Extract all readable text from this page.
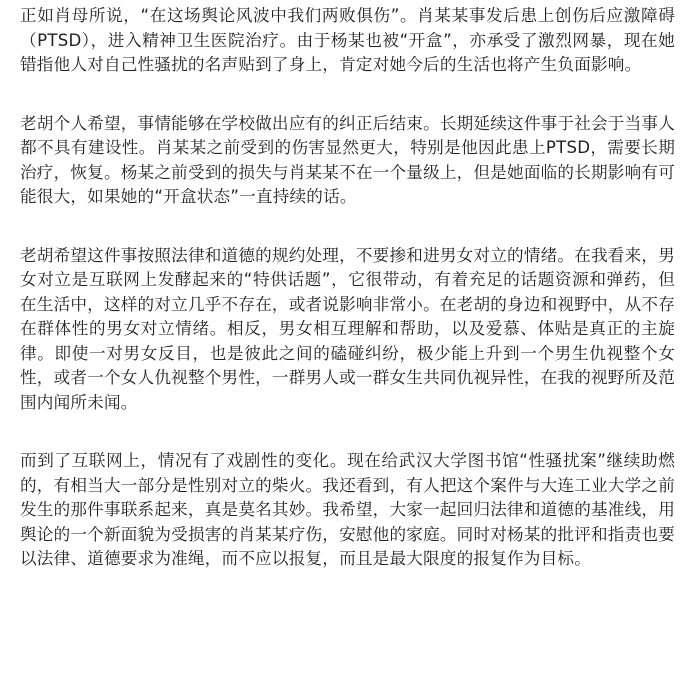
正如肖母所说，“在这场舆论风波中我们两败俱伤”。肖某某事发后患上创伤后应激障碍（PTSD），进入精神卫生医院治疗。由于杨某也被“开盒”，亦承受了激烈网暴，现在她错指他人对自己性骚扰的名声贴到了身上，肯定对她今后的生活也将产生负面影响。

老胡个人希望，事情能够在学校做出应有的纠正后结束。长期延续这件事于社会于当事人都不具有建设性。肖某某之前受到的伤害显然更大，特别是他因此患上PTSD，需要长期治疗，恢复。杨某之前受到的损失与肖某某不在一个量级上，但是她面临的长期影响有可能很大，如果她的“开盒状态”一直持续的话。

老胡希望这件事按照法律和道德的规约处理，不要掺和进男女对立的情绪。在我看来，男女对立是互联网上发酵起来的“特供话题”，它很带动，有着充足的话题资源和弹药，但在生活中，这样的对立几乎不存在，或者说影响非常小。在老胡的身边和视野中，从不存在群体性的男女对立情绪。相反，男女相互理解和帮助，以及爱慕、体贴是真正的主旋律。即使一对男女反目，也是彼此之间的磕碰纠纷，极少能上升到一个男生仇视整个女性，或者一个女人仇视整个男性，一群男人或一群女生共同仇视异性，在我的视野所及范围内闻所未闻。

而到了互联网上，情况有了戏剧性的变化。现在给武汉大学图书馆“性骚扰案”继续助燃的，有相当大一部分是性别对立的柴火。我还看到，有人把这个案件与大连工业大学之前发生的那件事联系起来，真是莫名其妙。我希望，大家一起回归法律和道德的基准线，用舆论的一个新面貌为受损害的肖某某疗伤，安慰他的家庭。同时对杨某的批评和指责也要以法律、道德要求为准绳，而不应以报复，而且是最大限度的报复作为目标。
